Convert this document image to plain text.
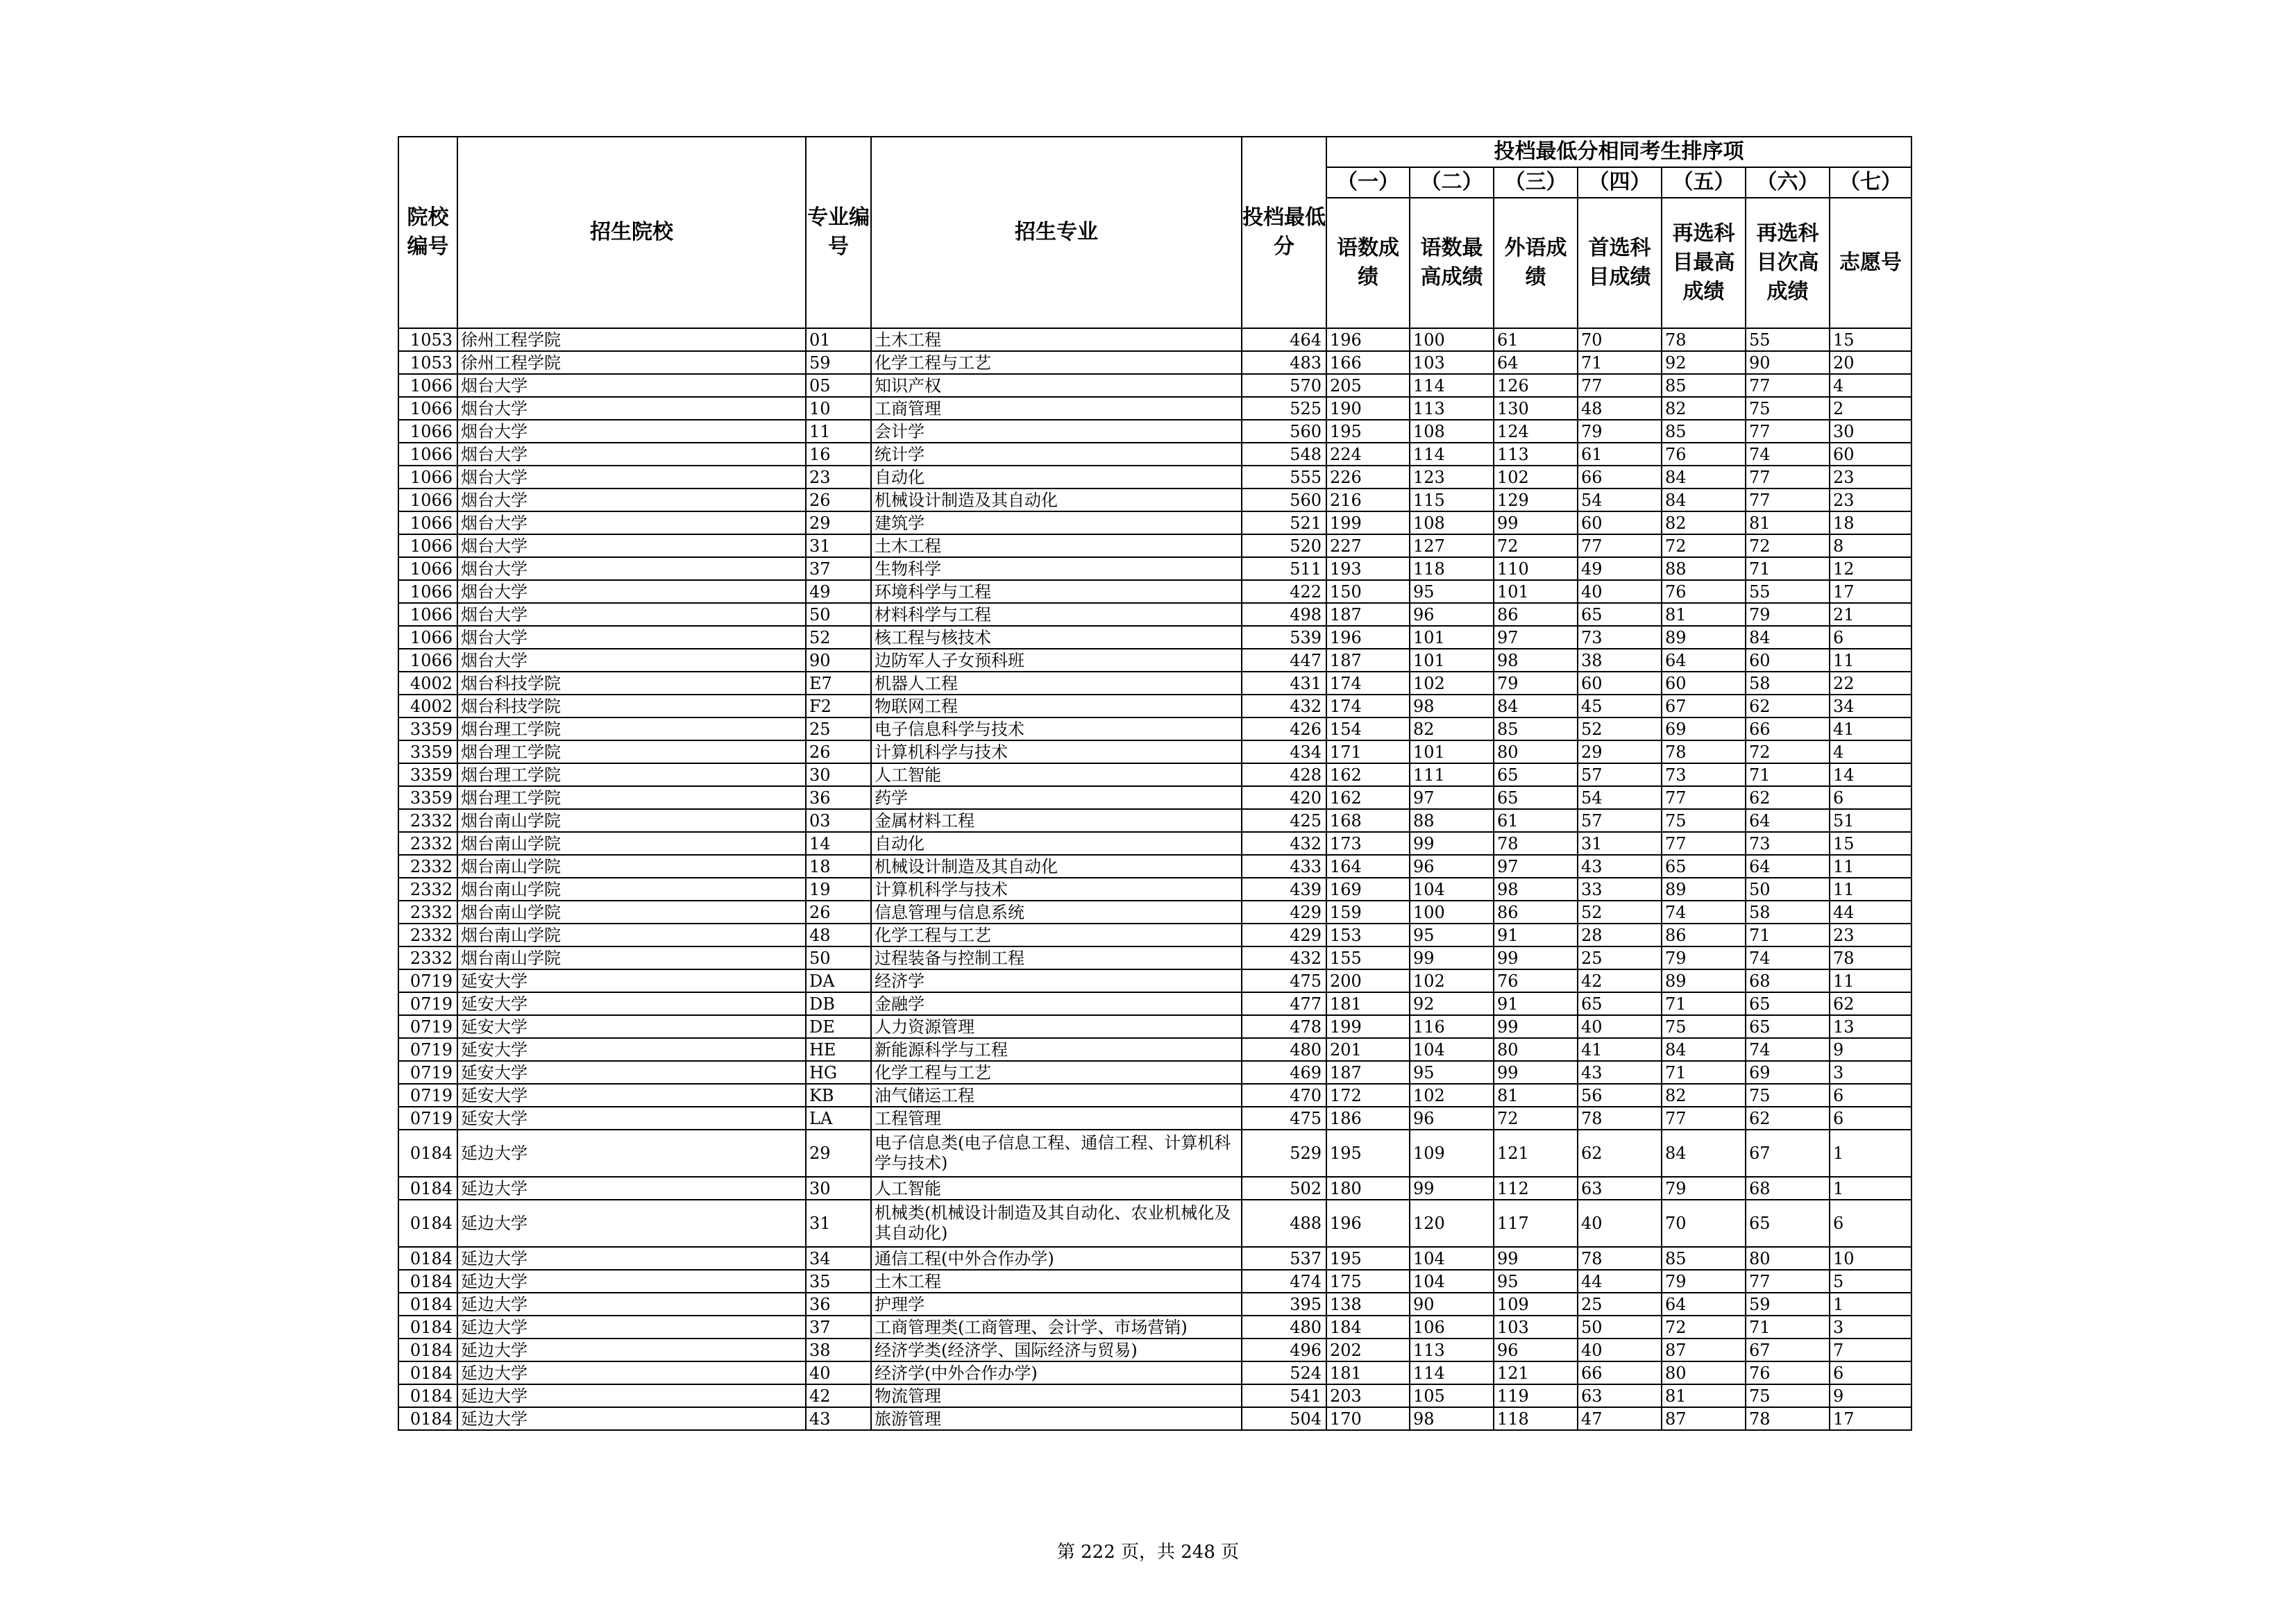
院校编号	招生院校	专业编号	招生专业	投档最低分	投档最低分相同考生排序项						
					（一）	（二）	（三）	（四）	（五）	（六）	（七）
					语数成绩	语数最高成绩	外语成绩	首选科目成绩	再选科目最高成绩	再选科目次高成绩	志愿号
1053	徐州工程学院	01	土木工程	464	196	100	61	70	78	55	15
1053	徐州工程学院	59	化学工程与工艺	483	166	103	64	71	92	90	20
1066	烟台大学	05	知识产权	570	205	114	126	77	85	77	4
1066	烟台大学	10	工商管理	525	190	113	130	48	82	75	2
1066	烟台大学	11	会计学	560	195	108	124	79	85	77	30
1066	烟台大学	16	统计学	548	224	114	113	61	76	74	60
1066	烟台大学	23	自动化	555	226	123	102	66	84	77	23
1066	烟台大学	26	机械设计制造及其自动化	560	216	115	129	54	84	77	23
1066	烟台大学	29	建筑学	521	199	108	99	60	82	81	18
1066	烟台大学	31	土木工程	520	227	127	72	77	72	72	8
1066	烟台大学	37	生物科学	511	193	118	110	49	88	71	12
1066	烟台大学	49	环境科学与工程	422	150	95	101	40	76	55	17
1066	烟台大学	50	材料科学与工程	498	187	96	86	65	81	79	21
1066	烟台大学	52	核工程与核技术	539	196	101	97	73	89	84	6
1066	烟台大学	90	边防军人子女预科班	447	187	101	98	38	64	60	11
4002	烟台科技学院	E7	机器人工程	431	174	102	79	60	60	58	22
4002	烟台科技学院	F2	物联网工程	432	174	98	84	45	67	62	34
3359	烟台理工学院	25	电子信息科学与技术	426	154	82	85	52	69	66	41
3359	烟台理工学院	26	计算机科学与技术	434	171	101	80	29	78	72	4
3359	烟台理工学院	30	人工智能	428	162	111	65	57	73	71	14
3359	烟台理工学院	36	药学	420	162	97	65	54	77	62	6
2332	烟台南山学院	03	金属材料工程	425	168	88	61	57	75	64	51
2332	烟台南山学院	14	自动化	432	173	99	78	31	77	73	15
2332	烟台南山学院	18	机械设计制造及其自动化	433	164	96	97	43	65	64	11
2332	烟台南山学院	19	计算机科学与技术	439	169	104	98	33	89	50	11
2332	烟台南山学院	26	信息管理与信息系统	429	159	100	86	52	74	58	44
2332	烟台南山学院	48	化学工程与工艺	429	153	95	91	28	86	71	23
2332	烟台南山学院	50	过程装备与控制工程	432	155	99	99	25	79	74	78
0719	延安大学	DA	经济学	475	200	102	76	42	89	68	11
0719	延安大学	DB	金融学	477	181	92	91	65	71	65	62
0719	延安大学	DE	人力资源管理	478	199	116	99	40	75	65	13
0719	延安大学	HE	新能源科学与工程	480	201	104	80	41	84	74	9
0719	延安大学	HG	化学工程与工艺	469	187	95	99	43	71	69	3
0719	延安大学	KB	油气储运工程	470	172	102	81	56	82	75	6
0719	延安大学	LA	工程管理	475	186	96	72	78	77	62	6
0184	延边大学	29	电子信息类(电子信息工程、通信工程、计算机科学与技术)	529	195	109	121	62	84	67	1
0184	延边大学	30	人工智能	502	180	99	112	63	79	68	1
0184	延边大学	31	机械类(机械设计制造及其自动化、农业机械化及其自动化)	488	196	120	117	40	70	65	6
0184	延边大学	34	通信工程(中外合作办学)	537	195	104	99	78	85	80	10
0184	延边大学	35	土木工程	474	175	104	95	44	79	77	5
0184	延边大学	36	护理学	395	138	90	109	25	64	59	1
0184	延边大学	37	工商管理类(工商管理、会计学、市场营销)	480	184	106	103	50	72	71	3
0184	延边大学	38	经济学类(经济学、国际经济与贸易)	496	202	113	96	40	87	67	7
0184	延边大学	40	经济学(中外合作办学)	524	181	114	121	66	80	76	6
0184	延边大学	42	物流管理	541	203	105	119	63	81	75	9
0184	延边大学	43	旅游管理	504	170	98	118	47	87	78	17
第 222 页，共 248 页
